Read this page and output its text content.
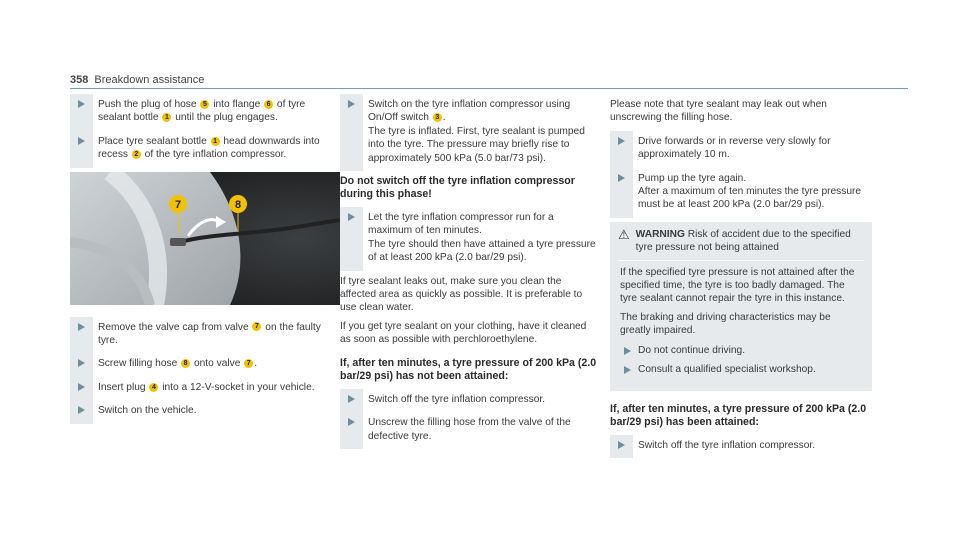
358 Breakdown assistance
Push the plug of hose 5 into flange 6 of tyre sealant bottle 1 until the plug engages.
Place tyre sealant bottle 1 head downwards into recess 2 of the tyre inflation compressor.
7	8
Remove the valve cap from valve 7 on the faulty tyre.
Screw filling hose 8 onto valve 7 .
Insert plug 4 into a 12-V-socket in your vehicle.
Switch on the vehicle.
Switch on the tyre inflation compressor using On/Off switch 3 .
The tyre is inflated. First, tyre sealant is pumped into the tyre. The pressure may briefly rise to approximately 500 kPa (5.0 bar/73 psi).
Do not switch off the tyre inflation compressor during this phase!
Let the tyre inflation compressor run for a maximum of ten minutes.
The tyre should then have attained a tyre pressure of at least 200 kPa (2.0 bar/29 psi).

If tyre sealant leaks out, make sure you clean the affected area as quickly as possible. It is preferable to use clean water.

If you get tyre sealant on your clothing, have it cleaned as soon as possible with perchloroethylene.

If, after ten minutes, a tyre pressure of 200 kPa (2.0 bar/29 psi) has not been attained:
Switch off the tyre inflation compressor.
Unscrew the filling hose from the valve of the defective tyre.

Please note that tyre sealant may leak out when unscrewing the filling hose.

Drive forwards or in reverse very slowly for approximately 10 m.
Pump up the tyre again.
After a maximum of ten minutes the tyre pressure must be at least 200 kPa (2.0 bar/29 psi).
⚠ WARNING Risk of accident due to the specified tyre pressure not being attained

If the specified tyre pressure is not attained after the specified time, the tyre is too badly damaged. The tyre sealant cannot repair the tyre in this instance.

The braking and driving characteristics may be greatly impaired.

Do not continue driving.
Consult a qualified specialist workshop.
If, after ten minutes, a tyre pressure of 200 kPa (2.0 bar/29 psi) has been attained:
Switch off the tyre inflation compressor.
